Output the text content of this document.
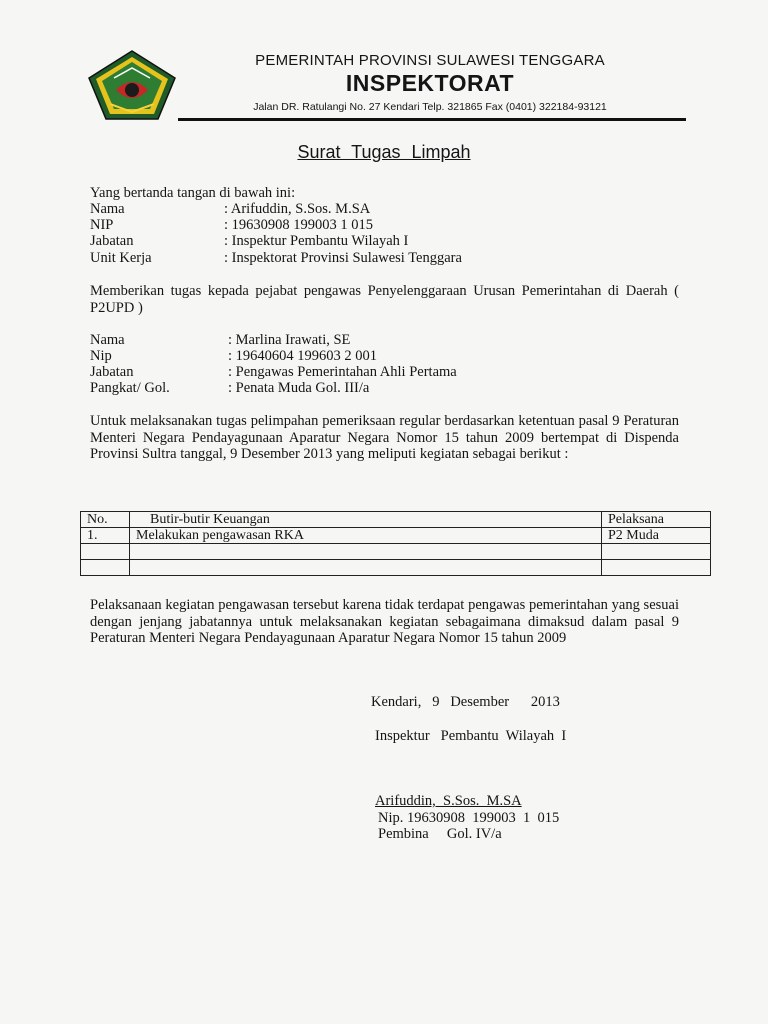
PEMERINTAH PROVINSI SULAWESI TENGGARA
INSPEKTORAT
Jalan DR. Ratulangi No. 27 Kendari Telp. 321865 Fax (0401) 322184-93121
Surat Tugas Limpah
Yang bertanda tangan di bawah ini:
Nama	: Arifuddin, S.Sos. M.SA
NIP	: 19630908 199003 1 015
Jabatan	: Inspektur Pembantu Wilayah I
Unit Kerja	: Inspektorat Provinsi Sulawesi Tenggara
Memberikan tugas kepada pejabat pengawas Penyelenggaraan Urusan Pemerintahan di Daerah ( P2UPD )
Nama	: Marlina Irawati, SE
Nip	: 19640604 199603 2 001
Jabatan	: Pengawas Pemerintahan Ahli Pertama
Pangkat/ Gol.	: Penata Muda Gol. III/a
Untuk melaksanakan tugas pelimpahan pemeriksaan regular berdasarkan ketentuan pasal 9 Peraturan Menteri Negara Pendayagunaan Aparatur Negara Nomor 15 tahun 2009 bertempat di Dispenda Provinsi Sultra tanggal, 9 Desember 2013 yang meliputi kegiatan sebagai berikut :
No.	Butir-butir Keuangan	Pelaksana
1.	Melakukan pengawasan RKA	P2 Muda

Pelaksanaan kegiatan pengawasan tersebut karena tidak terdapat pengawas pemerintahan yang sesuai dengan jenjang jabatannya untuk melaksanakan kegiatan sebagaimana dimaksud dalam pasal 9 Peraturan Menteri Negara Pendayagunaan Aparatur Negara Nomor 15 tahun 2009
Kendari,   9   Desember      2013
Inspektur   Pembantu  Wilayah  I
Arifuddin,  S.Sos.  M.SA
Nip. 19630908  199003  1  015
Pembina     Gol. IV/a
